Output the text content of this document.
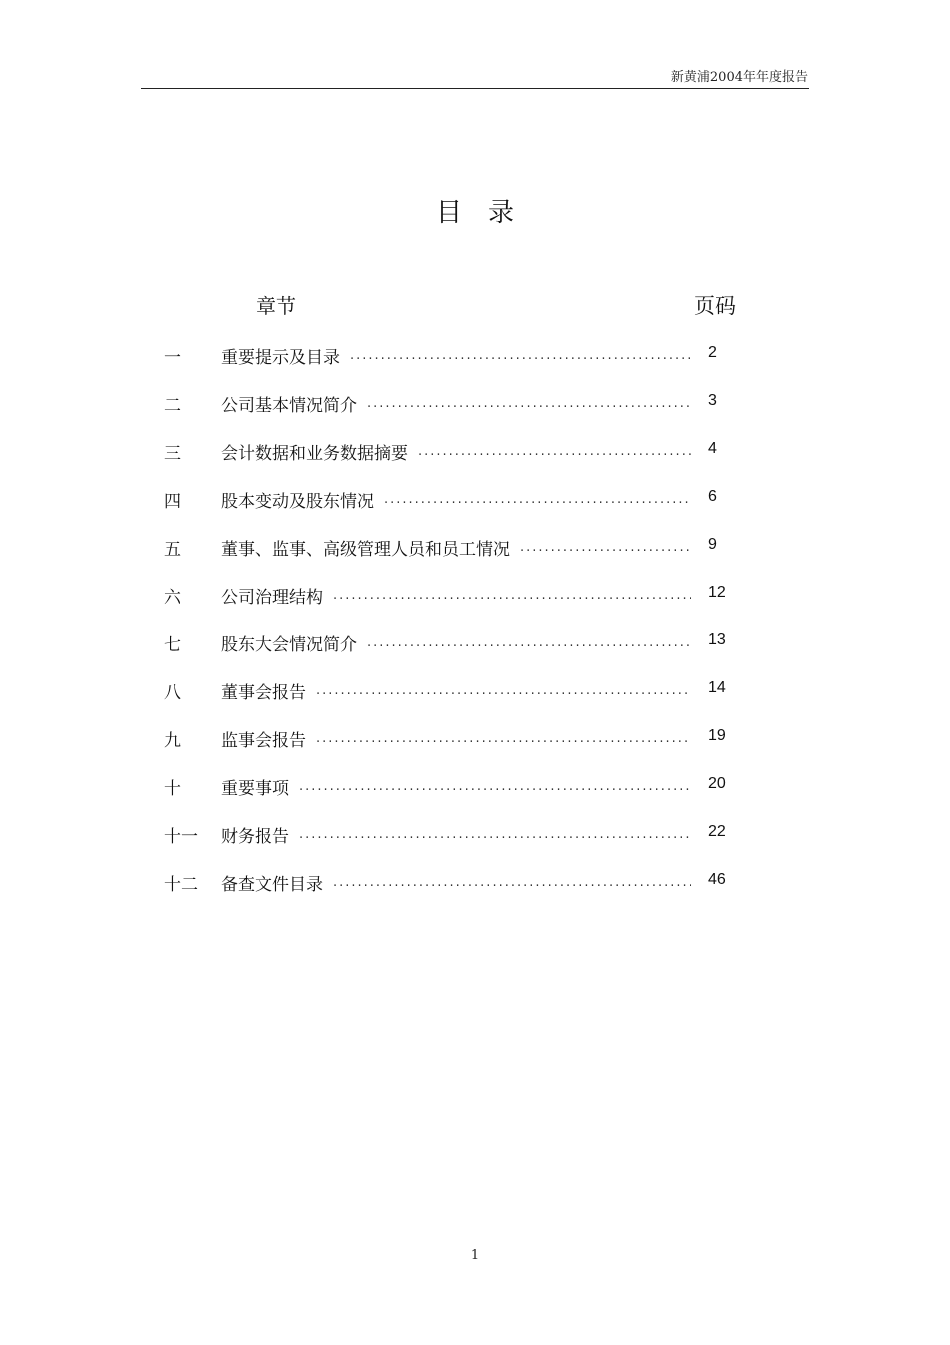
新黄浦2004年年度报告
目录
章节	页码
一 重要提示及目录 ·····	2
二 公司基本情况简介 ·····	3
三 会计数据和业务数据摘要 ·····	4
四 股本变动及股东情况 ·····	6
五 董事、监事、高级管理人员和员工情况 ·····	9
六 公司治理结构 ·····	12
七 股东大会情况简介 ·····	13
八 董事会报告 ·····	14
九 监事会报告 ·····	19
十 重要事项 ·····	20
十一 财务报告 ·····	22
十二 备查文件目录 ·····	46
1
